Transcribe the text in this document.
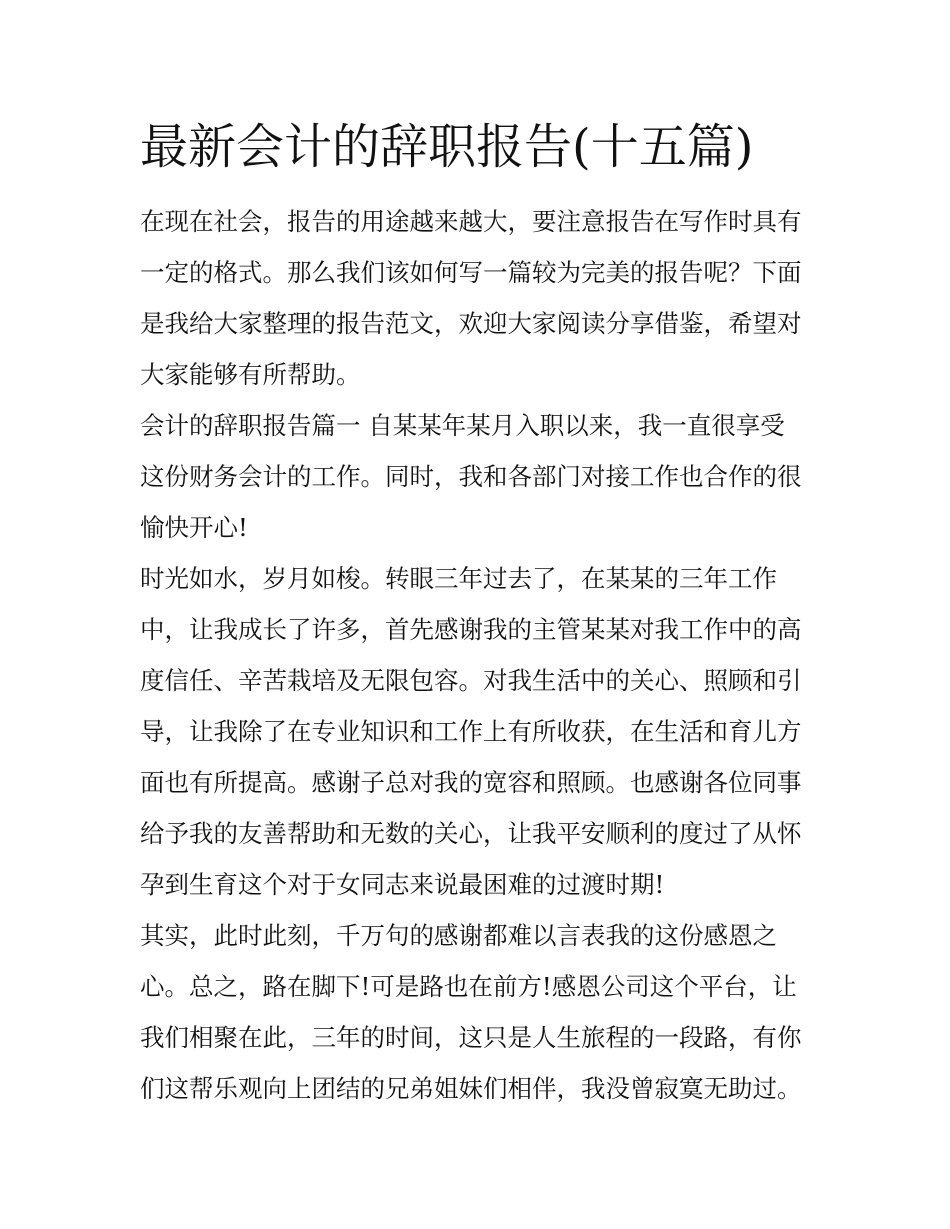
最新会计的辞职报告(十五篇)
在现在社会，报告的用途越来越大，要注意报告在写作时具有
一定的格式。那么我们该如何写一篇较为完美的报告呢？下面
是我给大家整理的报告范文，欢迎大家阅读分享借鉴，希望对
大家能够有所帮助。
会计的辞职报告篇一 自某某年某月入职以来，我一直很享受
这份财务会计的工作。同时，我和各部门对接工作也合作的很
愉快开心!
时光如水，岁月如梭。转眼三年过去了，在某某的三年工作
中，让我成长了许多，首先感谢我的主管某某对我工作中的高
度信任、辛苦栽培及无限包容。对我生活中的关心、照顾和引
导，让我除了在专业知识和工作上有所收获，在生活和育儿方
面也有所提高。感谢子总对我的宽容和照顾。也感谢各位同事
给予我的友善帮助和无数的关心，让我平安顺利的度过了从怀
孕到生育这个对于女同志来说最困难的过渡时期!
其实，此时此刻，千万句的感谢都难以言表我的这份感恩之
心。总之，路在脚下!可是路也在前方!感恩公司这个平台，让
我们相聚在此，三年的时间，这只是人生旅程的一段路，有你
们这帮乐观向上团结的兄弟姐妹们相伴，我没曾寂寞无助过。
